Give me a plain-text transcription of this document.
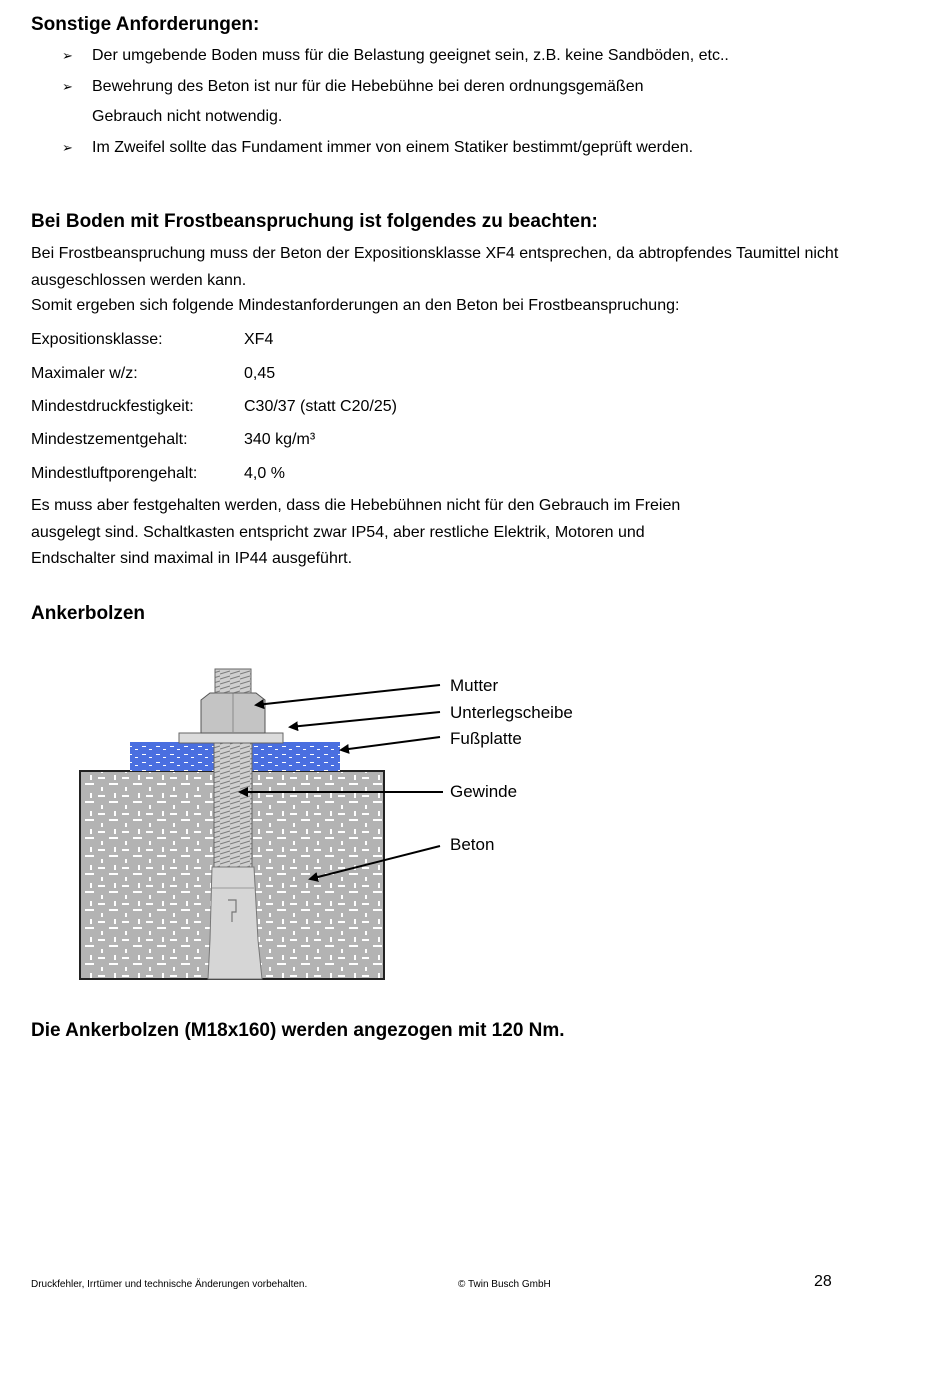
Sonstige Anforderungen:
➢ Der umgebende Boden muss für die Belastung geeignet sein, z.B. keine Sandböden, etc..
➢ Bewehrung des Beton ist nur für die Hebebühne bei deren ordnungsgemäßen Gebrauch nicht notwendig.
➢ Im Zweifel sollte das Fundament immer von einem Statiker bestimmt/geprüft werden.
Bei Boden mit Frostbeanspruchung ist folgendes zu beachten:

Bei Frostbeanspruchung muss der Beton der Expositionsklasse XF4 entsprechen, da abtropfendes Taumittel nicht ausgeschlossen werden kann.

Somit ergeben sich folgende Mindestanforderungen an den Beton bei Frostbeanspruchung:

Expositionsklasse:	XF4
Maximaler w/z:	0,45
Mindestdruckfestigkeit:	C30/37 (statt C20/25)
Mindestzementgehalt:	340 kg/m³
Mindestluftporengehalt:	4,0 %

Es muss aber festgehalten werden, dass die Hebebühnen nicht für den Gebrauch im Freien ausgelegt sind. Schaltkasten entspricht zwar IP54, aber restliche Elektrik, Motoren und Endschalter sind maximal in IP44 ausgeführt.

Ankerbolzen
Mutter
Unterlegscheibe
Fußplatte
Gewinde
Beton
Die Ankerbolzen (M18x160) werden angezogen mit 120 Nm.
Druckfehler, Irrtümer und technische Änderungen vorbehalten.	© Twin Busch GmbH	28
